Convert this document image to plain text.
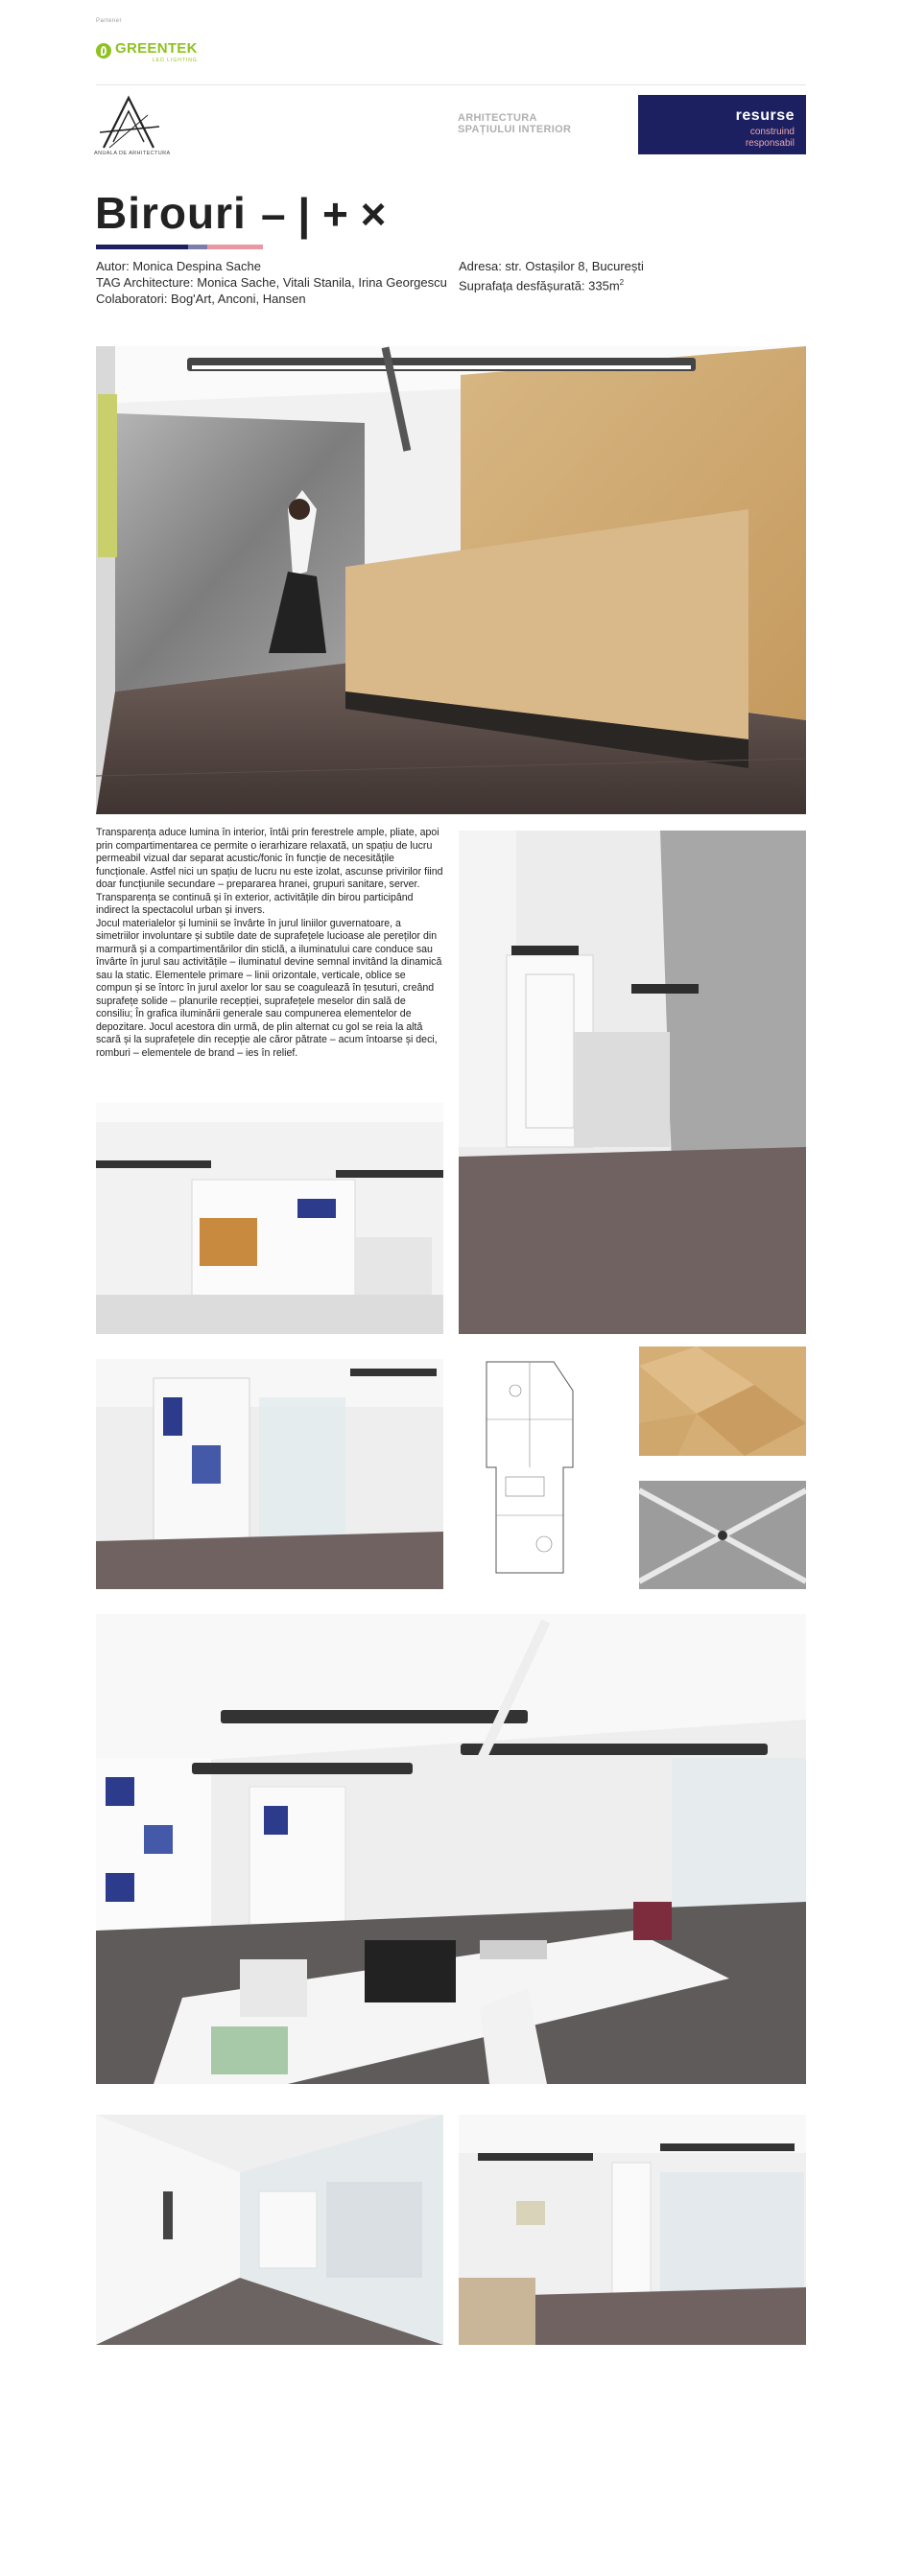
Partener
GREENTEK
LED LIGHTING
ANUALA DE ARHITECTURA
ARHITECTURA SPAȚIULUI INTERIOR
resurse
construind
responsabil
Birouri – | + ×
Autor: Monica Despina Sache
TAG Architecture: Monica Sache, Vitali Stanila, Irina Georgescu
Colaboratori: Bog'Art, Anconi, Hansen
Adresa: str. Ostașilor 8, București
Suprafața desfășurată: $335m^2$

Transparența aduce lumina în interior, întâi prin ferestrele ample, pliate, apoi prin compartimentarea ce permite o ierarhizare relaxată, un spațiu de lucru permeabil vizual dar separat acustic/fonic în funcție de necesitățile funcționale. Astfel nici un spațiu de lucru nu este izolat, ascunse privirilor fiind doar funcțiunile secundare – prepararea hranei, grupuri sanitare, server. Transparența se continuă și în exterior, activitățile din birou participând indirect la spectacolul urban și invers.

Jocul materialelor și luminii se învârte în jurul liniilor guvernatoare, a simetriilor involuntare și subtile date de suprafețele lucioase ale pereților din marmură și a compartimentărilor din sticlă, a iluminatului care conduce sau învârte în jurul sau activitățile – iluminatul devine semnal invitând la dinamică sau la static. Elementele primare – linii orizontale, verticale, oblice se compun și se întorc în jurul axelor lor sau se coagulează în țesuturi, creând suprafețe solide – planurile recepției, suprafețele meselor din sală de consiliu; În grafica iluminării generale sau compunerea elementelor de depozitare. Jocul acestora din urmă, de plin alternat cu gol se reia la altă scară și la suprafețele din recepție ale căror pătrate – acum întoarse și deci, romburi – elementele de brand – ies în relief.
